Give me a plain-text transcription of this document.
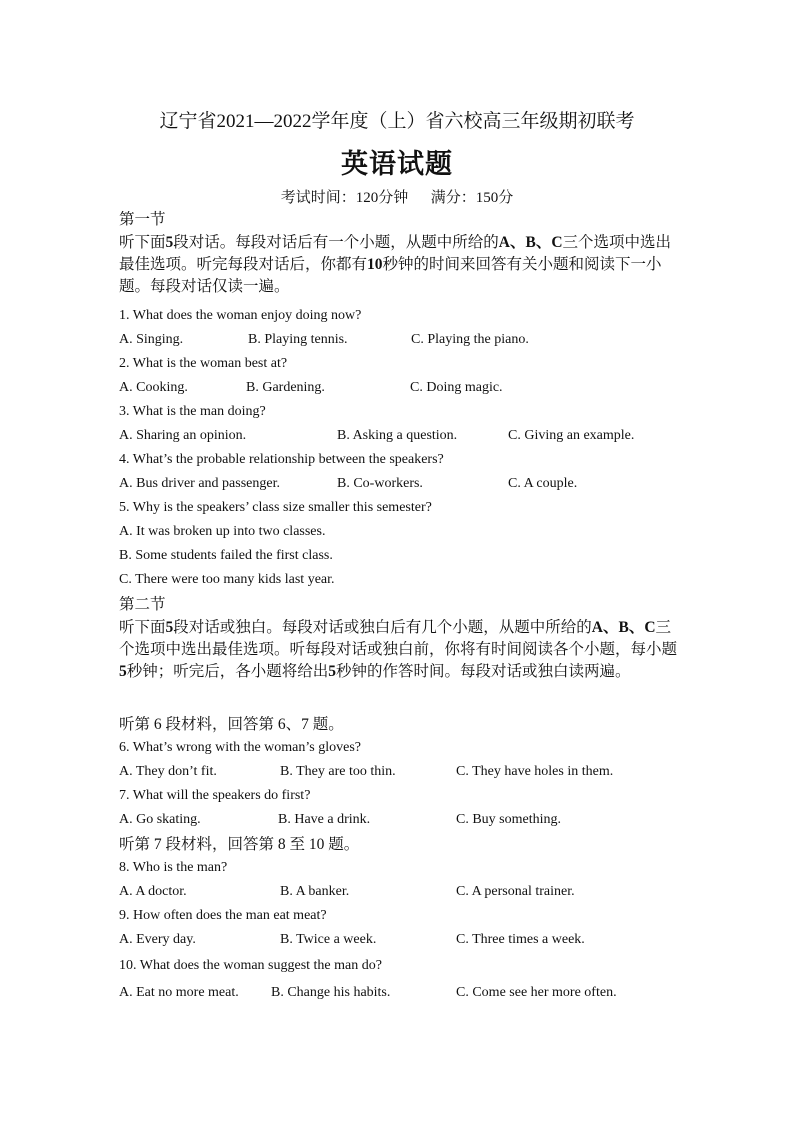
辽宁省2021—2022学年度（上）省六校高三年级期初联考
英语试题
考试时间：120分钟      满分：150分
第一节
听下面5段对话。每段对话后有一个小题，从题中所给的A、B、C三个选项中选出最佳选项。听完每段对话后，你都有10秒钟的时间来回答有关小题和阅读下一小题。每段对话仅读一遍。
1. What does the woman enjoy doing now?
A. Singing.	B. Playing tennis.	C. Playing the piano.
2. What is the woman best at?
A. Cooking.	B. Gardening.	C. Doing magic.
3. What is the man doing?
A. Sharing an opinion.	B. Asking a question.	C. Giving an example.
4. What’s the probable relationship between the speakers?
A. Bus driver and passenger.	B. Co-workers.	C. A couple.
5. Why is the speakers’ class size smaller this semester?
A. It was broken up into two classes.
B. Some students failed the first class.
C. There were too many kids last year.
第二节
听下面5段对话或独白。每段对话或独白后有几个小题，从题中所给的A、B、C三个选项中选出最佳选项。听每段对话或独白前，你将有时间阅读各个小题，每小题5秒钟；听完后，各小题将给出5秒钟的作答时间。每段对话或独白读两遍。
听第 6 段材料，回答第 6、7 题。
6. What’s wrong with the woman’s gloves?
A. They don’t fit.	B. They are too thin.	C. They have holes in them.
7. What will the speakers do first?
A. Go skating.	B. Have a drink.	C. Buy something.
听第 7 段材料，回答第 8 至 10 题。
8. Who is the man?
A. A doctor.	B. A banker.	C. A personal trainer.
9. How often does the man eat meat?
A. Every day.	B. Twice a week.	C. Three times a week.
10. What does the woman suggest the man do?
A. Eat no more meat. B. Change his habits.	C. Come see her more often.
